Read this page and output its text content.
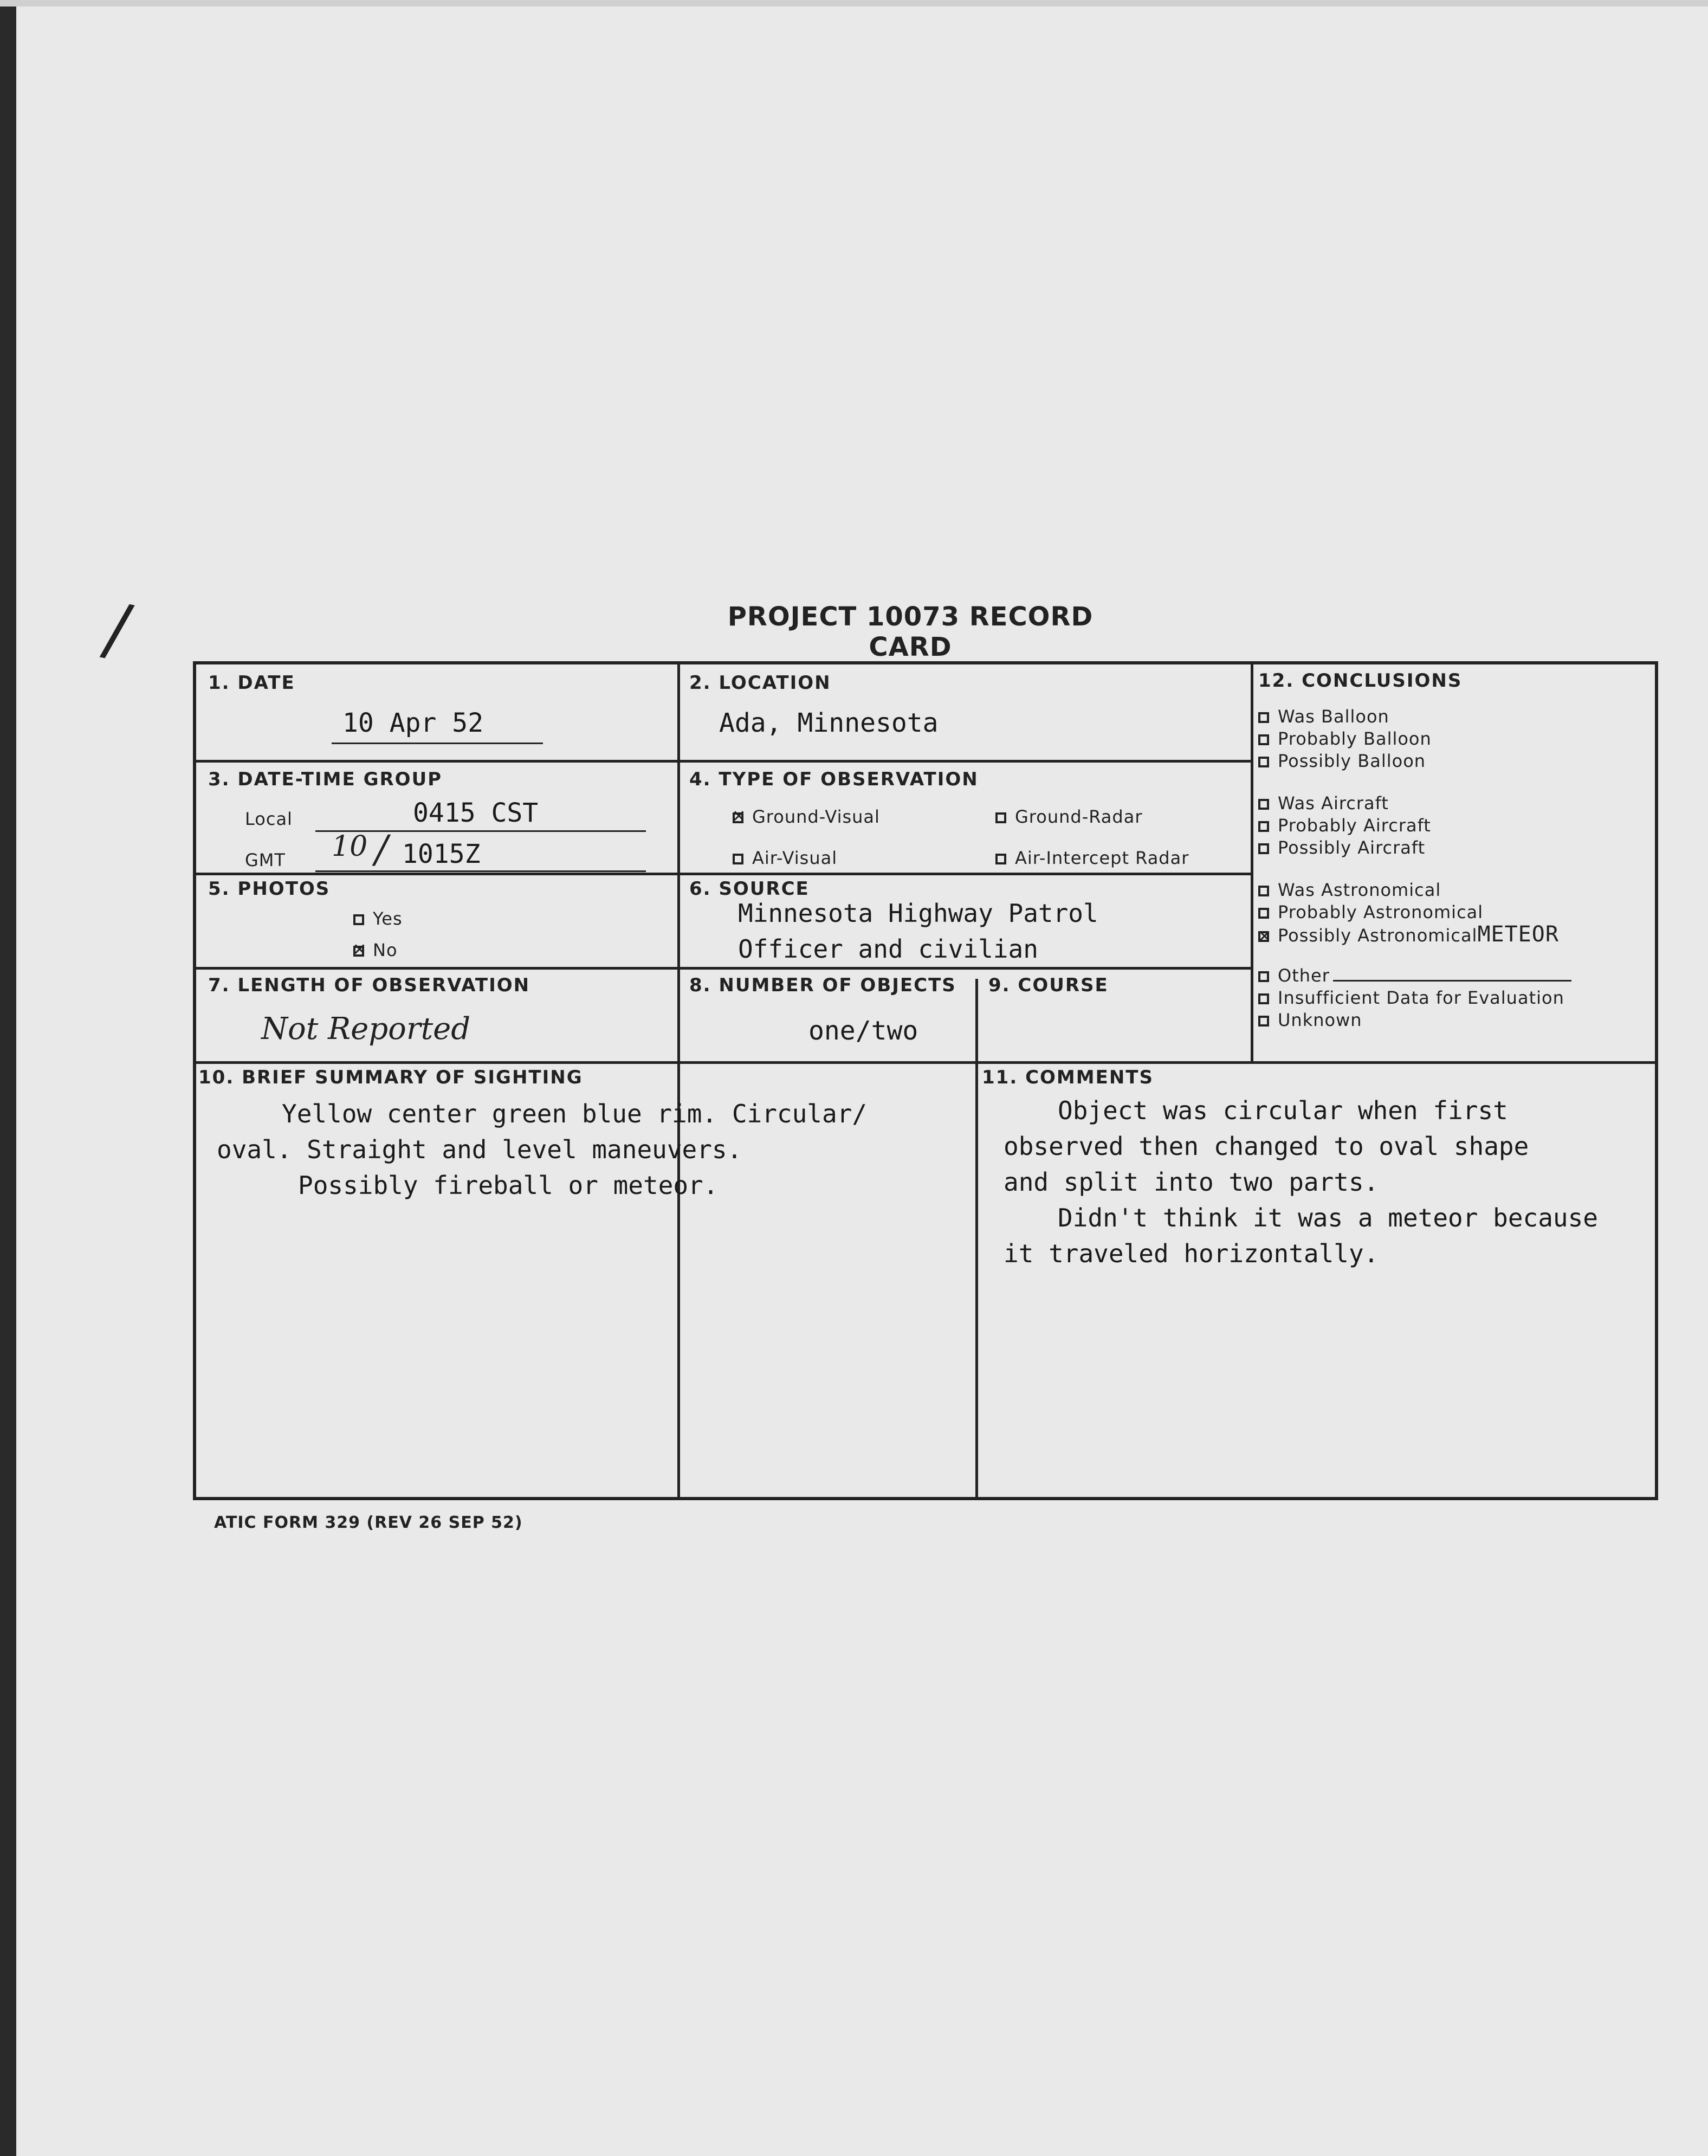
/	PROJECT 10073 RECORD CARD
1. DATE
10 Apr 52
2. LOCATION
Ada, Minnesota
3. DATE-TIME GROUP
Local	0415 CST
GMT 10 / 1015Z
4. TYPE OF OBSERVATION
✕Ground-Visual	Ground-Radar
Air-Visual	Air-Intercept Radar
5. PHOTOS
Yes
✕No
6. SOURCE
Minnesota Highway Patrol
Officer and civilian
7. LENGTH OF OBSERVATION
Not Reported
8. NUMBER OF OBJECTS
one/two
9. COURSE
10. BRIEF SUMMARY OF SIGHTING
Yellow center green blue rim. Circular/
oval. Straight and level maneuvers.
Possibly fireball or meteor.
11. COMMENTS
Object was circular when first
observed then changed to oval shape
and split into two parts.
Didn't think it was a meteor because
it traveled horizontally.
12. CONCLUSIONS
Was Balloon
Probably Balloon
Possibly Balloon
Was Aircraft
Probably Aircraft
Possibly Aircraft
Was Astronomical
Probably Astronomical
✕Possibly AstronomicalMETEOR
Other
Insufficient Data for Evaluation
Unknown
ATIC FORM 329 (REV 26 SEP 52)
